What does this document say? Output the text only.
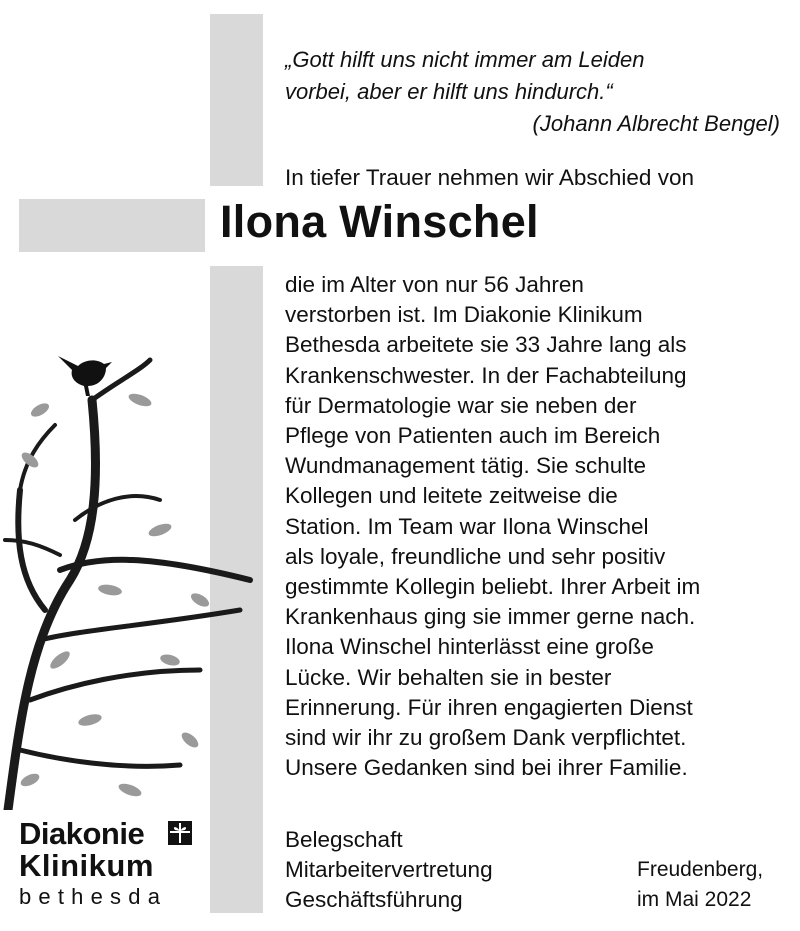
„Gott hilft uns nicht immer am Leiden
vorbei, aber er hilft uns hindurch.“
(Johann Albrecht Bengel)
In tiefer Trauer nehmen wir Abschied von
Ilona Winschel
die im Alter von nur 56 Jahren
verstorben ist. Im Diakonie Klinikum
Bethesda arbeitete sie 33 Jahre lang als
Krankenschwester. In der Fachabteilung
für Dermatologie war sie neben der
Pflege von Patienten auch im Bereich
Wundmanagement tätig. Sie schulte
Kollegen und leitete zeitweise die
Station. Im Team war Ilona Winschel
als loyale, freundliche und sehr positiv
gestimmte Kollegin beliebt. Ihrer Arbeit im
Krankenhaus ging sie immer gerne nach.
Ilona Winschel hinterlässt eine große
Lücke. Wir behalten sie in bester
Erinnerung. Für ihren engagierten Dienst
sind wir ihr zu großem Dank verpflichtet.
Unsere Gedanken sind bei ihrer Familie.
Diakonie
Klinikum
bethesda
Belegschaft
Mitarbeitervertretung
Geschäftsführung
Freudenberg,
im Mai 2022
